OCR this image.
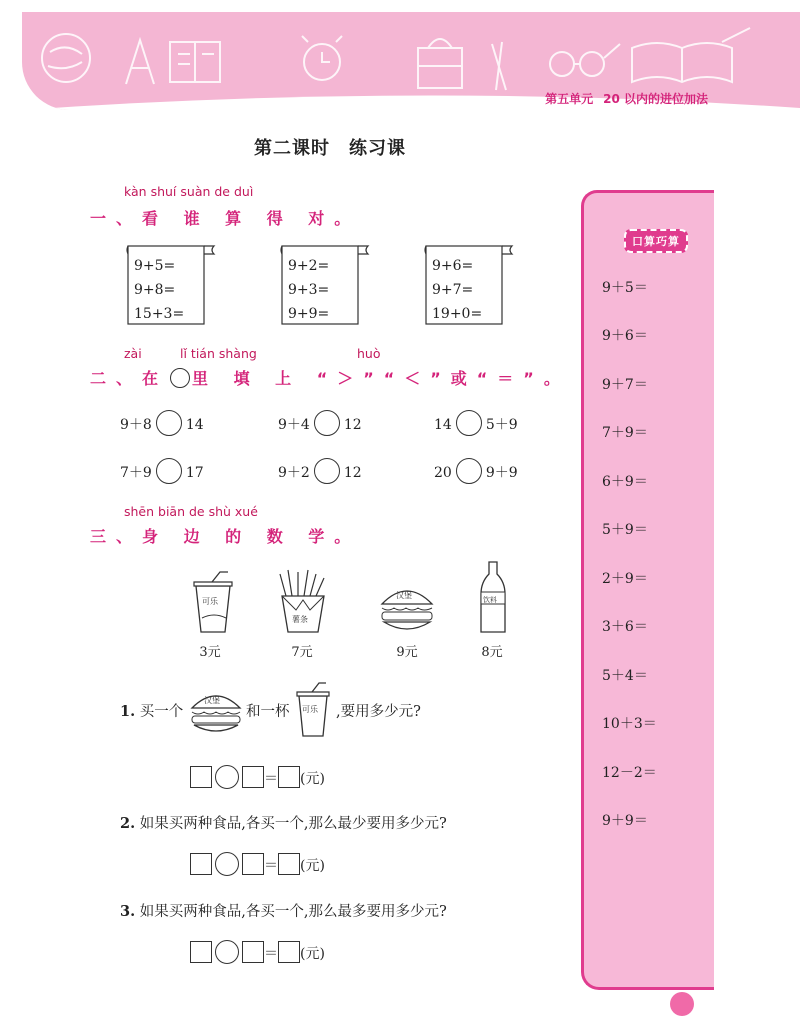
第五单元 20 以内的进位加法
第二课时　练习课
kàn shuí suàn de duì
一、看 谁 算 得 对。
9+5=
9+8=
15+3=
9+2=
9+3=
9+9=
9+6=
9+7=
19+0=
zài	lǐ tián shàng	huò
二、在 里 填 上 “＞”“＜”或“＝”。
9＋8 14	9＋4 12	14 5＋9
7＋9 17	9＋2 12	20 9＋9
shēn biān de shù xué
三、身 边 的 数 学。
可乐
3元
薯条
7元
汉堡
9元
饮料
8元
1. 买一个
汉堡
和一杯 可乐 ,要用多少元?
＝ (元)
2. 如果买两种食品,各买一个,那么最少要用多少元?
＝ (元)
3. 如果买两种食品,各买一个,那么最多要用多少元?
＝ (元)
口算巧算
9＋5＝
9＋6＝
9＋7＝
7＋9＝
6＋9＝
5＋9＝
2＋9＝
3＋6＝
5＋4＝
10＋3＝
12－2＝
9＋9＝
